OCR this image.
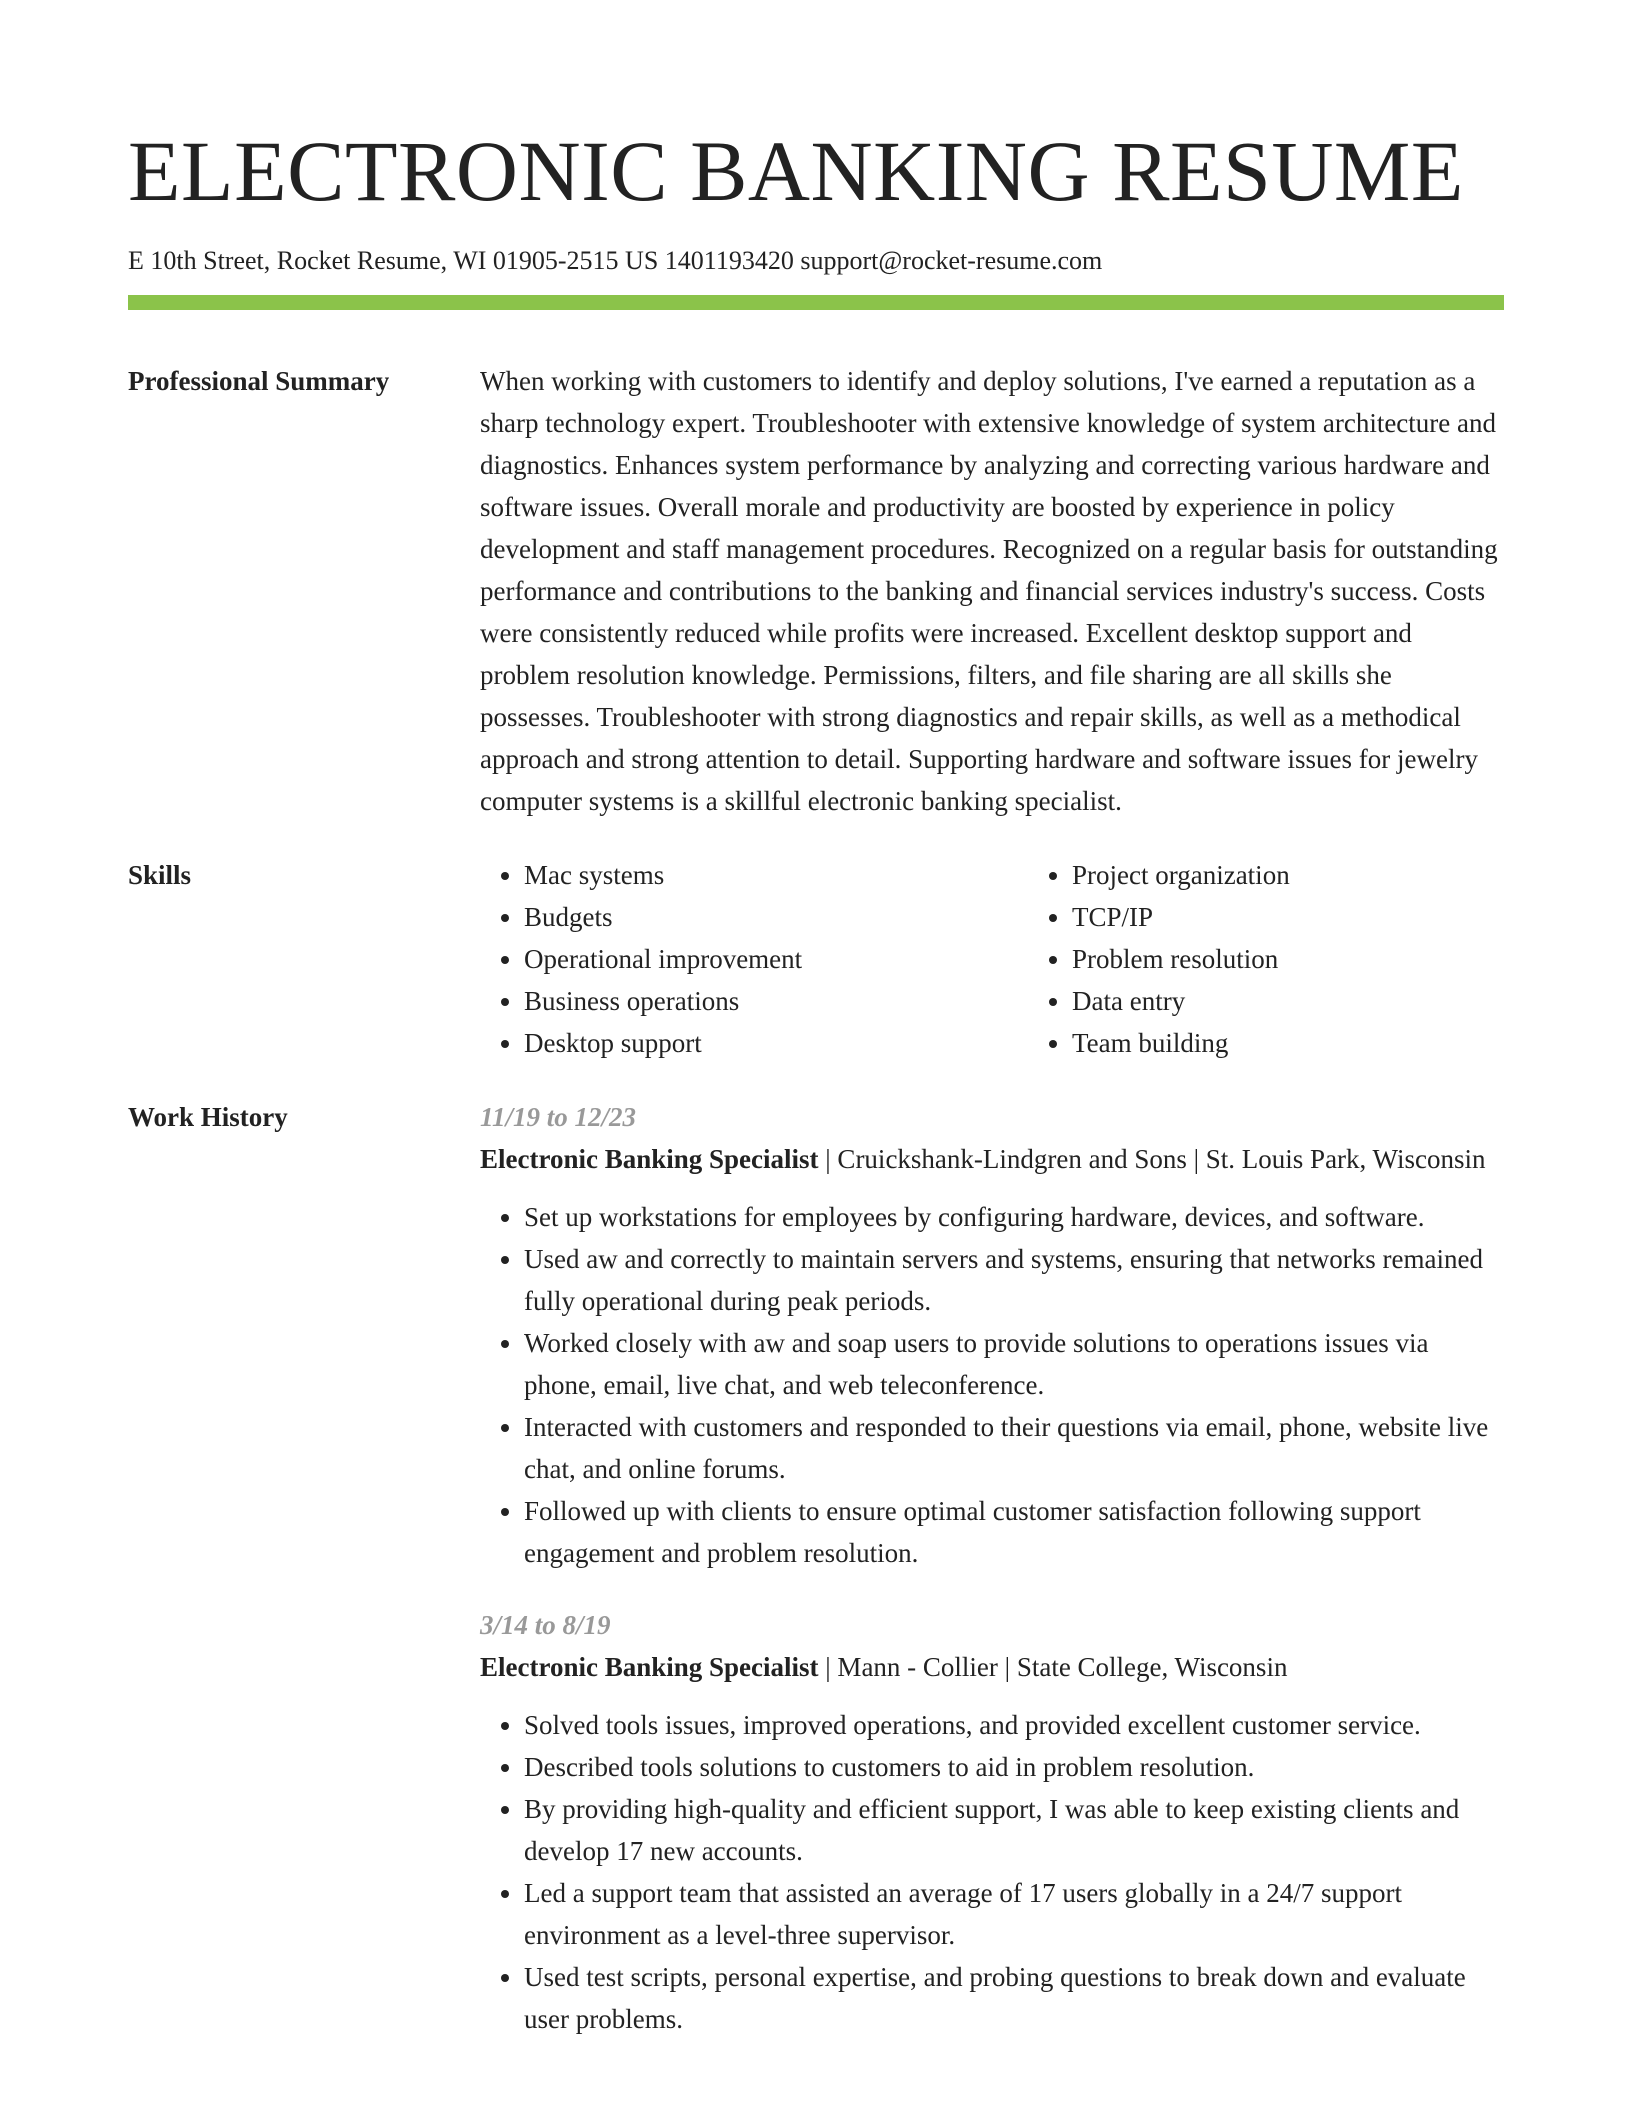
ELECTRONIC BANKING RESUME
E 10th Street, Rocket Resume, WI 01905-2515 US 1401193420 support@rocket-resume.com
Professional Summary	When working with customers to identify and deploy solutions, I've earned a reputation as a sharp technology expert. Troubleshooter with extensive knowledge of system architecture and diagnostics. Enhances system performance by analyzing and correcting various hardware and software issues. Overall morale and productivity are boosted by experience in policy development and staff management procedures. Recognized on a regular basis for outstanding performance and contributions to the banking and financial services industry's success. Costs were consistently reduced while profits were increased. Excellent desktop support and problem resolution knowledge. Permissions, filters, and file sharing are all skills she possesses. Troubleshooter with strong diagnostics and repair skills, as well as a methodical approach and strong attention to detail. Supporting hardware and software issues for jewelry computer systems is a skillful electronic banking specialist.
Skills
•	Mac systems
• Budgets
• Operational improvement
• Business operations
• Desktop support
• Project organization
• TCP/IP
• Problem resolution
• Data entry
• Team building
Work History	11/19 to 12/23
Electronic Banking Specialist | Cruickshank-Lindgren and Sons | St. Louis Park, Wisconsin
• Set up workstations for employees by configuring hardware, devices, and software.
• Used aw and correctly to maintain servers and systems, ensuring that networks remained fully operational during peak periods.
• Worked closely with aw and soap users to provide solutions to operations issues via phone, email, live chat, and web teleconference.
• Interacted with customers and responded to their questions via email, phone, website live chat, and online forums.
• Followed up with clients to ensure optimal customer satisfaction following support engagement and problem resolution.
3/14 to 8/19
Electronic Banking Specialist | Mann - Collier | State College, Wisconsin
• Solved tools issues, improved operations, and provided excellent customer service.
• Described tools solutions to customers to aid in problem resolution.
• By providing high-quality and efficient support, I was able to keep existing clients and develop 17 new accounts.
• Led a support team that assisted an average of 17 users globally in a 24/7 support environment as a level-three supervisor.
• Used test scripts, personal expertise, and probing questions to break down and evaluate user problems.
